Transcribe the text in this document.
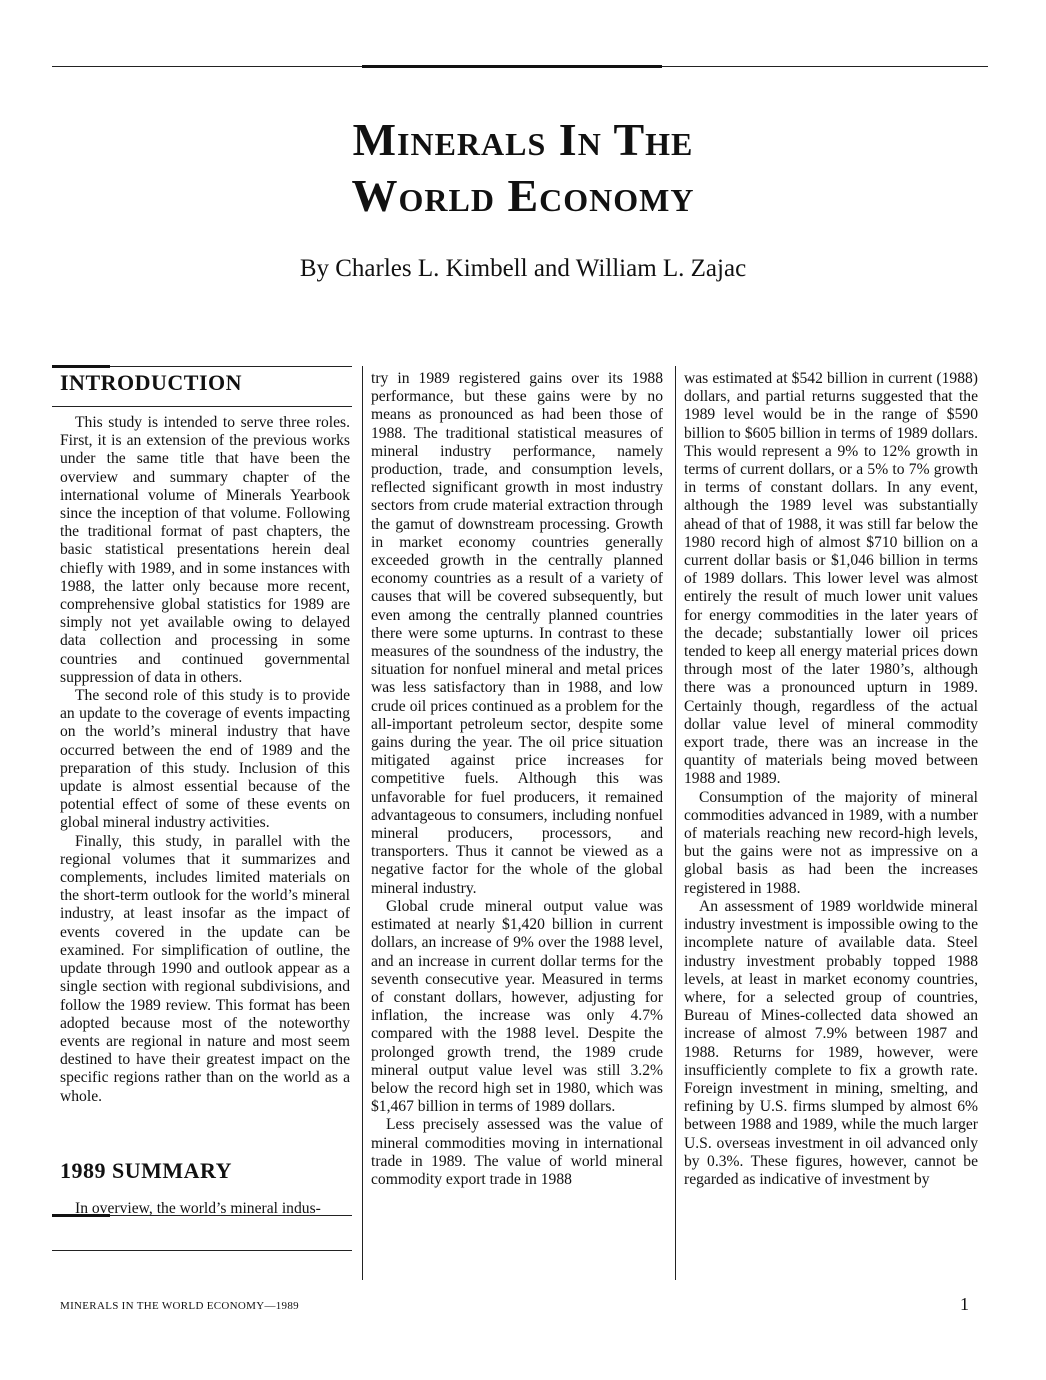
Minerals In The
World Economy

By Charles L. Kimbell and William L. Zajac

INTRODUCTION

This study is intended to serve three roles. First, it is an extension of the previous works under the same title that have been the overview and summary chapter of the international volume of Minerals Yearbook since the inception of that volume. Following the traditional format of past chapters, the basic statistical presentations herein deal chiefly with 1989, and in some instances with 1988, the latter only because more recent, comprehensive global statistics for 1989 are simply not yet available owing to delayed data collection and processing in some countries and continued governmental suppression of data in others.

The second role of this study is to provide an update to the coverage of events impacting on the world’s mineral industry that have occurred between the end of 1989 and the preparation of this study. Inclusion of this update is almost essential because of the potential effect of some of these events on global mineral industry activities.

Finally, this study, in parallel with the regional volumes that it summarizes and complements, includes limited materials on the short-term outlook for the world’s mineral industry, at least insofar as the impact of events covered in the update can be examined. For simplification of outline, the update through 1990 and outlook appear as a single section with regional subdivisions, and follow the 1989 review. This format has been adopted because most of the noteworthy events are regional in nature and most seem destined to have their greatest impact on the specific regions rather than on the world as a whole.

1989 SUMMARY
In overview, the world’s mineral indus-

try in 1989 registered gains over its 1988 performance, but these gains were by no means as pronounced as had been those of 1988. The traditional statistical measures of mineral industry performance, namely production, trade, and consumption levels, reflected significant growth in most industry sectors from crude material extraction through the gamut of downstream processing. Growth in market economy countries generally exceeded growth in the centrally planned economy countries as a result of a variety of causes that will be covered subsequently, but even among the centrally planned countries there were some upturns. In contrast to these measures of the soundness of the industry, the situation for nonfuel mineral and metal prices was less satisfactory than in 1988, and low crude oil prices continued as a problem for the all-important petroleum sector, despite some gains during the year. The oil price situation mitigated against price increases for competitive fuels. Although this was unfavorable for fuel producers, it remained advantageous to consumers, including nonfuel mineral producers, processors, and transporters. Thus it cannot be viewed as a negative factor for the whole of the global mineral industry.

Global crude mineral output value was estimated at nearly $1,420 billion in current dollars, an increase of 9% over the 1988 level, and an increase in current dollar terms for the seventh consecutive year. Measured in terms of constant dollars, however, adjusting for inflation, the increase was only 4.7% compared with the 1988 level. Despite the prolonged growth trend, the 1989 crude mineral output value level was still 3.2% below the record high set in 1980, which was $1,467 billion in terms of 1989 dollars.

Less precisely assessed was the value of mineral commodities moving in international trade in 1989. The value of world mineral commodity export trade in 1988

was estimated at $542 billion in current (1988) dollars, and partial returns suggested that the 1989 level would be in the range of $590 billion to $605 billion in terms of 1989 dollars. This would represent a 9% to 12% growth in terms of current dollars, or a 5% to 7% growth in terms of constant dollars. In any event, although the 1989 level was substantially ahead of that of 1988, it was still far below the 1980 record high of almost $710 billion on a current dollar basis or $1,046 billion in terms of 1989 dollars. This lower level was almost entirely the result of much lower unit values for energy commodities in the later years of the decade; substantially lower oil prices tended to keep all energy material prices down through most of the later 1980’s, although there was a pronounced upturn in 1989. Certainly though, regardless of the actual dollar value level of mineral commodity export trade, there was an increase in the quantity of materials being moved between 1988 and 1989.

Consumption of the majority of mineral commodities advanced in 1989, with a number of materials reaching new record-high levels, but the gains were not as impressive on a global basis as had been the increases registered in 1988.

An assessment of 1989 worldwide mineral industry investment is impossible owing to the incomplete nature of available data. Steel industry investment probably topped 1988 levels, at least in market economy countries, where, for a selected group of countries, Bureau of Mines-collected data showed an increase of almost 7.9% between 1987 and 1988. Returns for 1989, however, were insufficiently complete to fix a growth rate. Foreign investment in mining, smelting, and refining by U.S. firms slumped by almost 6% between 1988 and 1989, while the much larger U.S. overseas investment in oil advanced only by 0.3%. These figures, however, cannot be regarded as indicative of investment by

MINERALS IN THE WORLD ECONOMY—1989	1
